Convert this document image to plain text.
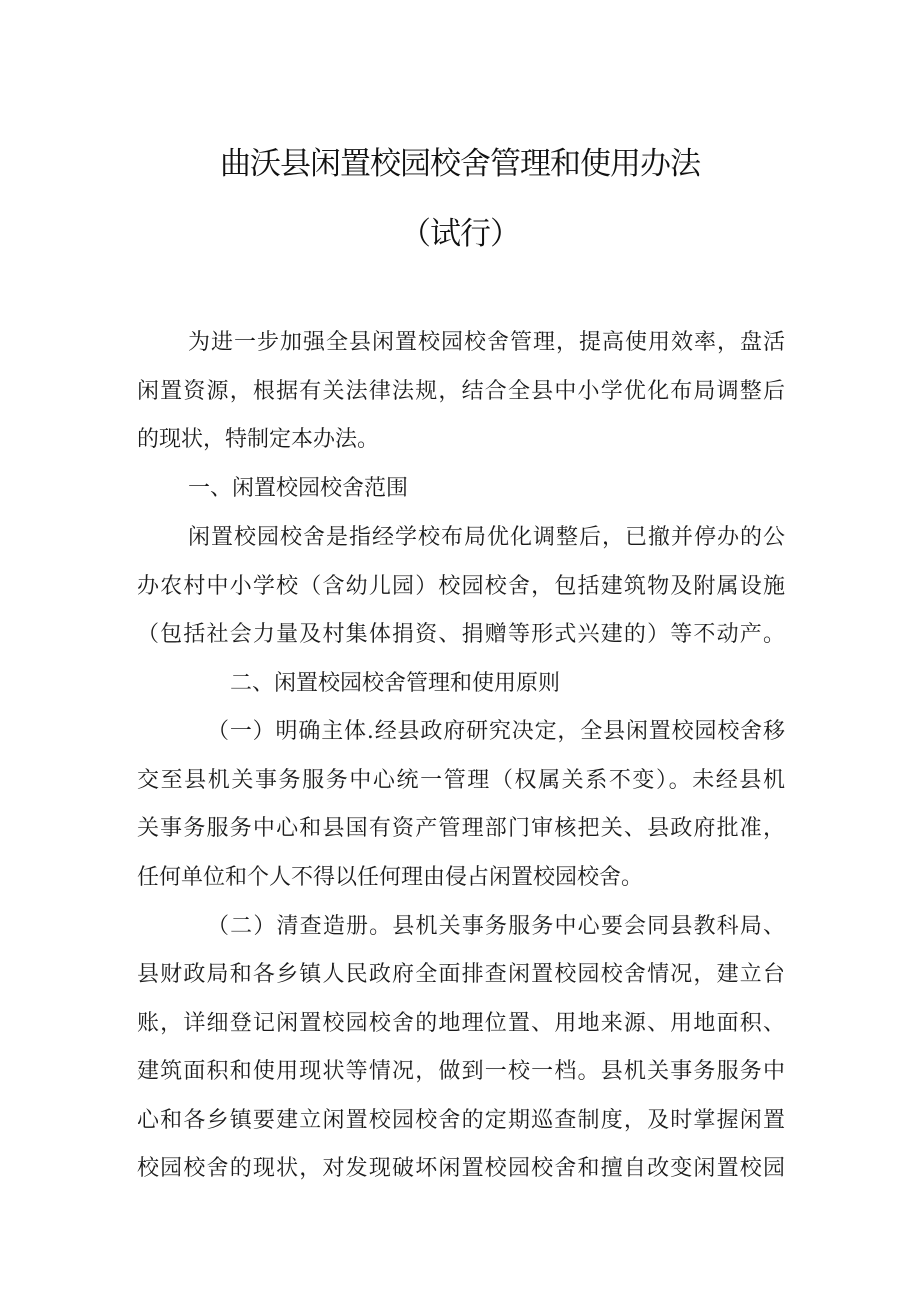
曲沃县闲置校园校舍管理和使用办法
（试行）
为进一步加强全县闲置校园校舍管理，提高使用效率，盘活
闲置资源，根据有关法律法规，结合全县中小学优化布局调整后
的现状，特制定本办法。
一、闲置校园校舍范围
闲置校园校舍是指经学校布局优化调整后，已撤并停办的公
办农村中小学校（含幼儿园）校园校舍，包括建筑物及附属设施
（包括社会力量及村集体捐资、捐赠等形式兴建的）等不动产。
二、闲置校园校舍管理和使用原则
（一）明确主体.经县政府研究决定，全县闲置校园校舍移
交至县机关事务服务中心统一管理（权属关系不变）。未经县机
关事务服务中心和县国有资产管理部门审核把关、县政府批准，
任何单位和个人不得以任何理由侵占闲置校园校舍。
（二）清查造册。县机关事务服务中心要会同县教科局、
县财政局和各乡镇人民政府全面排查闲置校园校舍情况，建立台
账，详细登记闲置校园校舍的地理位置、用地来源、用地面积、
建筑面积和使用现状等情况，做到一校一档。县机关事务服务中
心和各乡镇要建立闲置校园校舍的定期巡查制度，及时掌握闲置
校园校舍的现状，对发现破坏闲置校园校舍和擅自改变闲置校园
